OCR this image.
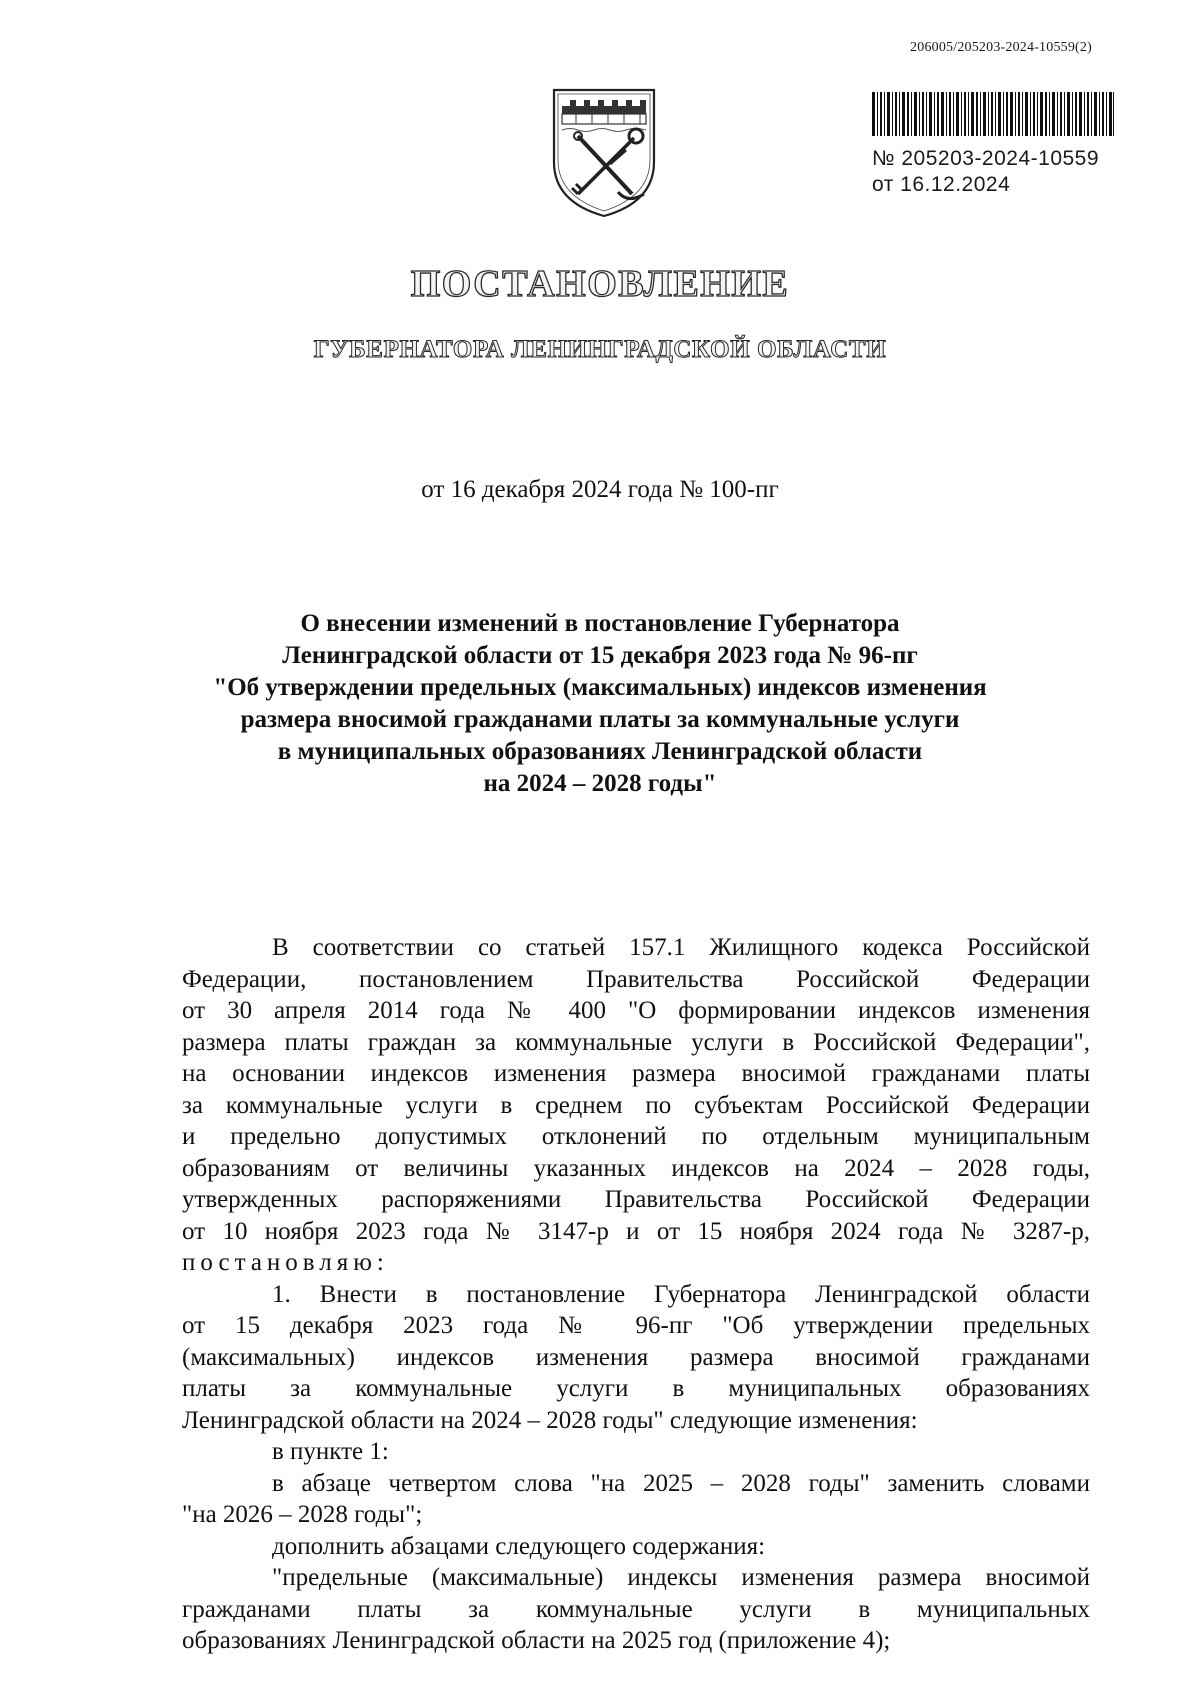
206005/205203-2024-10559(2)
№ 205203-2024-10559
от 16.12.2024
ПОСТАНОВЛЕНИЕ
ГУБЕРНАТОРА ЛЕНИНГРАДСКОЙ ОБЛАСТИ
от 16 декабря 2024 года № 100-пг
О внесении изменений в постановление Губернатора
Ленинградской области от 15 декабря 2023 года № 96-пг
"Об утверждении предельных (максимальных) индексов изменения
размера вносимой гражданами платы за коммунальные услуги
в муниципальных образованиях Ленинградской области
на 2024 – 2028 годы"
В соответствии со статьей 157.1 Жилищного кодекса Российской
Федерации, постановлением Правительства Российской Федерации
от 30 апреля 2014 года № 400 "О формировании индексов изменения
размера платы граждан за коммунальные услуги в Российской Федерации",
на основании индексов изменения размера вносимой гражданами платы
за коммунальные услуги в среднем по субъектам Российской Федерации
и предельно допустимых отклонений по отдельным муниципальным
образованиям от величины указанных индексов на 2024 – 2028 годы,
утвержденных распоряжениями Правительства Российской Федерации
от 10 ноября 2023 года № 3147-р и от 15 ноября 2024 года № 3287-р,
постановляю:
1. Внести в постановление Губернатора Ленинградской области
от 15 декабря 2023 года № 96-пг "Об утверждении предельных
(максимальных) индексов изменения размера вносимой гражданами
платы за коммунальные услуги в муниципальных образованиях
Ленинградской области на 2024 – 2028 годы" следующие изменения:
в пункте 1:
в абзаце четвертом слова "на 2025 – 2028 годы" заменить словами
"на 2026 – 2028 годы";
дополнить абзацами следующего содержания:
"предельные (максимальные) индексы изменения размера вносимой
гражданами платы за коммунальные услуги в муниципальных
образованиях Ленинградской области на 2025 год (приложение 4);
